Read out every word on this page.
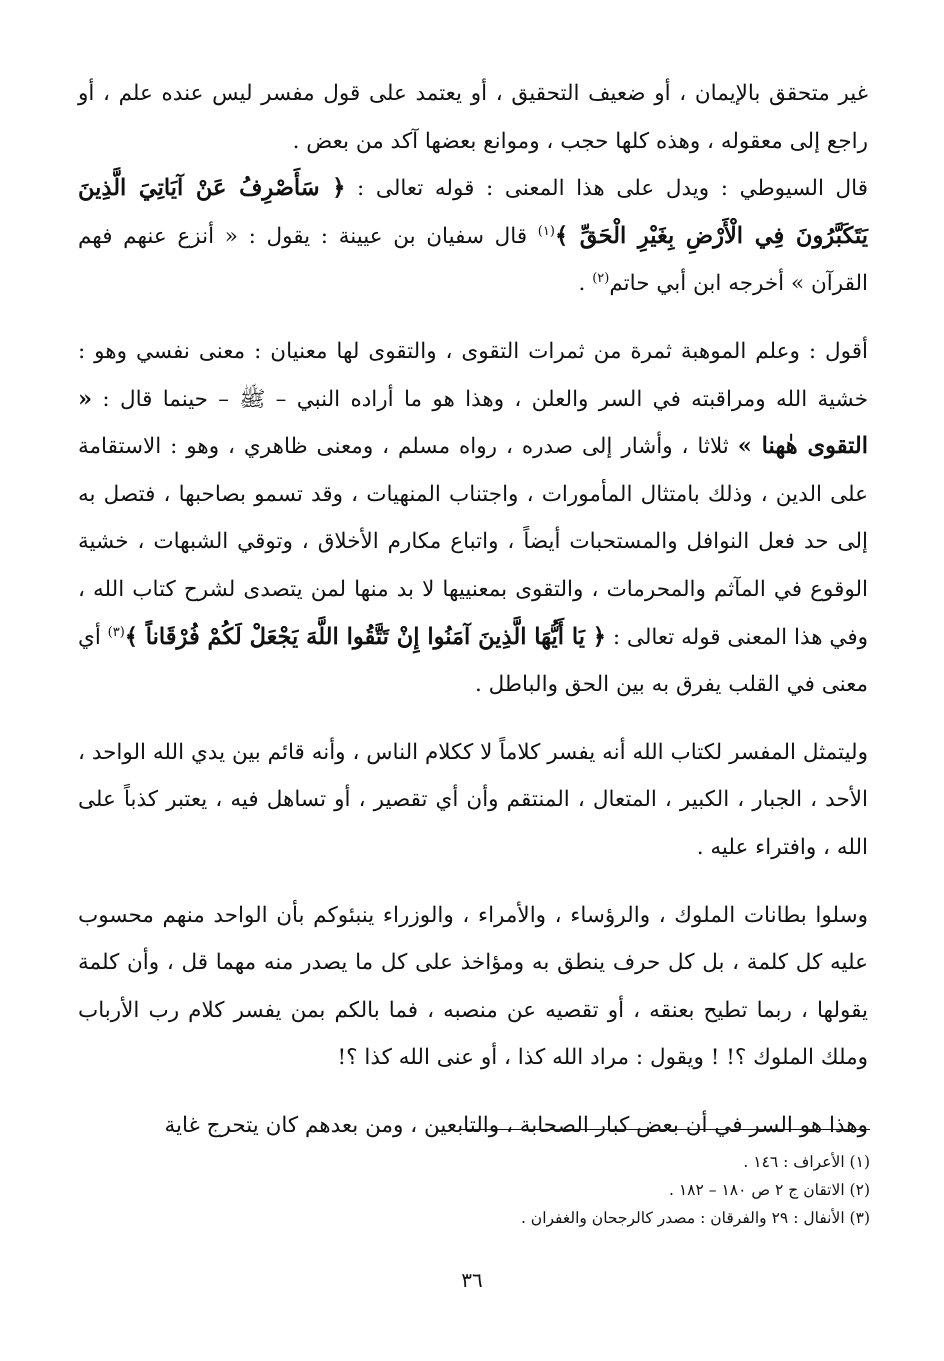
غير متحقق بالإيمان ، أو ضعيف التحقيق ، أو يعتمد على قول مفسر ليس عنده علم ، أو راجع إلى معقوله ، وهذه كلها حجب ، وموانع بعضها آكد من بعض .

قال السيوطي : ويدل على هذا المعنى : قوله تعالى : ﴿ سَأَصْرِفُ عَنْ آيَاتِيَ الَّذِينَ يَتَكَبَّرُونَ فِي الْأَرْضِ بِغَيْرِ الْحَقِّ ﴾$^{(١)}$ قال سفيان بن عيينة : يقول : « أنزع عنهم فهم القرآن » أخرجه ابن أبي حاتم$^{(٢)}$ .

أقول : وعلم الموهبة ثمرة من ثمرات التقوى ، والتقوى لها معنيان : معنى نفسي وهو : خشية الله ومراقبته في السر والعلن ، وهذا هو ما أراده النبي – ﷺ – حينما قال : « التقوى هٰهنا » ثلاثا ، وأشار إلى صدره ، رواه مسلم ، ومعنى ظاهري ، وهو : الاستقامة على الدين ، وذلك بامتثال المأمورات ، واجتناب المنهيات ، وقد تسمو بصاحبها ، فتصل به إلى حد فعل النوافل والمستحبات أيضاً ، واتباع مكارم الأخلاق ، وتوقي الشبهات ، خشية الوقوع في المآثم والمحرمات ، والتقوى بمعنييها لا بد منها لمن يتصدى لشرح كتاب الله ، وفي هذا المعنى قوله تعالى : ﴿ يَا أَيُّهَا الَّذِينَ آمَنُوا إِنْ تَتَّقُوا اللَّهَ يَجْعَلْ لَكُمْ فُرْقَاناً ﴾$^{(٣)}$ أي معنى في القلب يفرق به بين الحق والباطل .

وليتمثل المفسر لكتاب الله أنه يفسر كلاماً لا ككلام الناس ، وأنه قائم بين يدي الله الواحد ، الأحد ، الجبار ، الكبير ، المتعال ، المنتقم وأن أي تقصير ، أو تساهل فيه ، يعتبر كذباً على الله ، وافتراء عليه .

وسلوا بطانات الملوك ، والرؤساء ، والأمراء ، والوزراء ينبئوكم بأن الواحد منهم محسوب عليه كل كلمة ، بل كل حرف ينطق به ومؤاخذ على كل ما يصدر منه مهما قل ، وأن كلمة يقولها ، ربما تطيح بعنقه ، أو تقصيه عن منصبه ، فما بالكم بمن يفسر كلام رب الأرباب وملك الملوك ؟! ! ويقول : مراد الله كذا ، أو عنى الله كذا ؟!

وهذا هو السر في أن بعض كبار الصحابة ، والتابعين ، ومن بعدهم كان يتحرج غاية

(١) الأعراف : ١٤٦ .

(٢) الاتقان ج ٢ ص ١٨٠ – ١٨٢ .

(٣) الأنفال : ٢٩ والفرقان : مصدر كالرجحان والغفران .

٣٦
